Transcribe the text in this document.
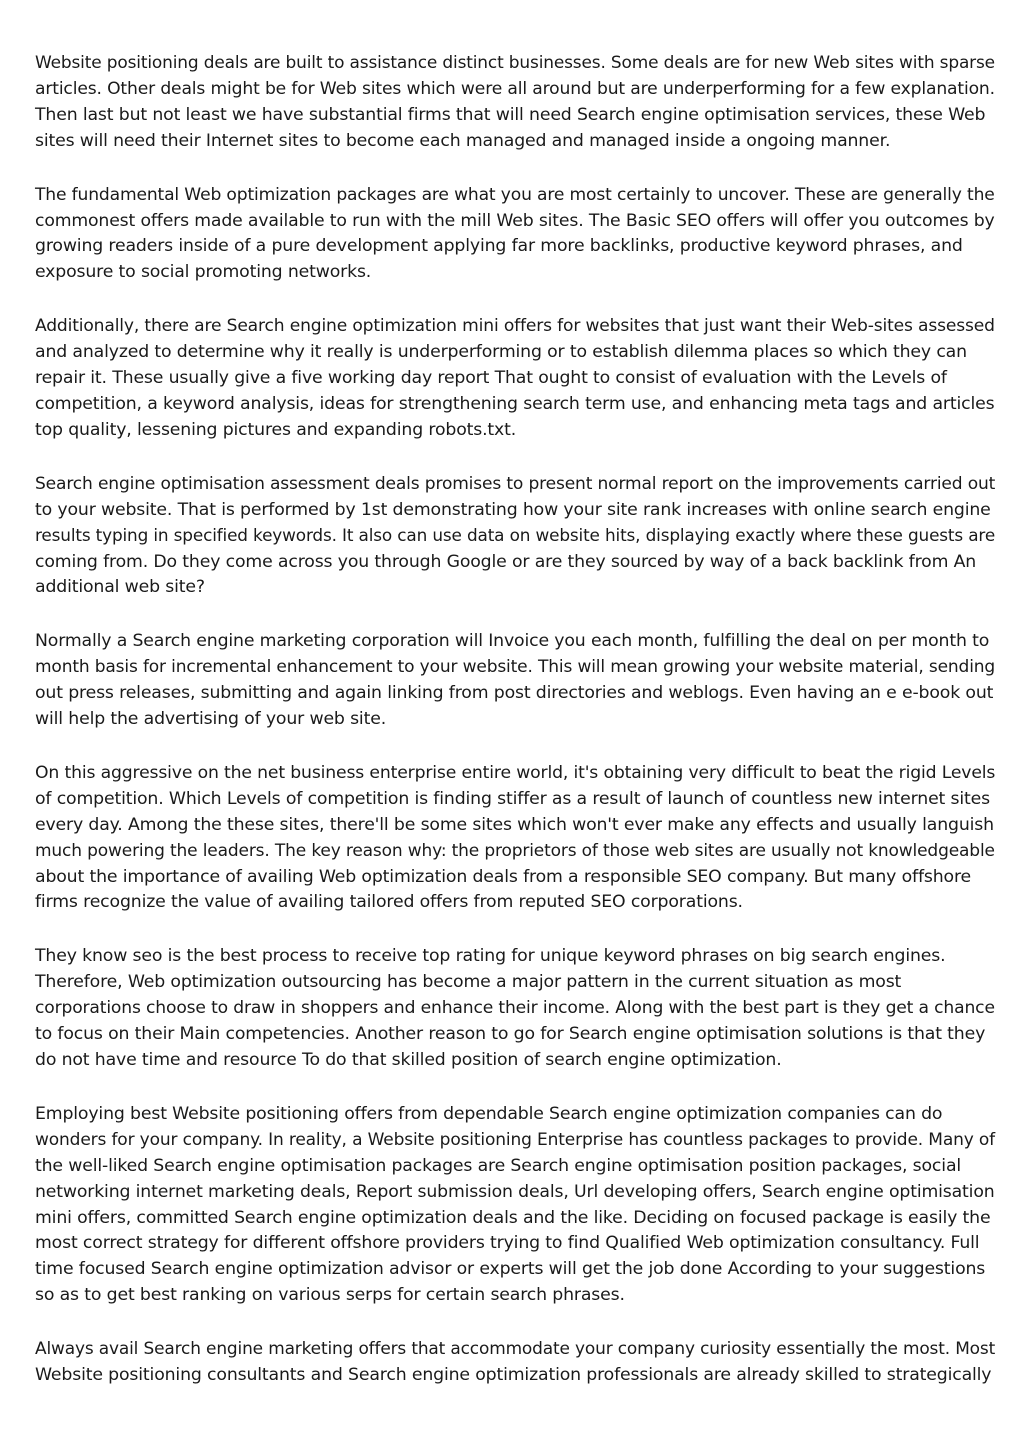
Website positioning deals are built to assistance distinct businesses. Some deals are for new Web sites with sparse
articles. Other deals might be for Web sites which were all around but are underperforming for a few explanation.
Then last but not least we have substantial firms that will need Search engine optimisation services, these Web
sites will need their Internet sites to become each managed and managed inside a ongoing manner.

The fundamental Web optimization packages are what you are most certainly to uncover. These are generally the
commonest offers made available to run with the mill Web sites. The Basic SEO offers will offer you outcomes by
growing readers inside of a pure development applying far more backlinks, productive keyword phrases, and
exposure to social promoting networks.

Additionally, there are Search engine optimization mini offers for websites that just want their Web-sites assessed
and analyzed to determine why it really is underperforming or to establish dilemma places so which they can
repair it. These usually give a five working day report That ought to consist of evaluation with the Levels of
competition, a keyword analysis, ideas for strengthening search term use, and enhancing meta tags and articles
top quality, lessening pictures and expanding robots.txt.

Search engine optimisation assessment deals promises to present normal report on the improvements carried out
to your website. That is performed by 1st demonstrating how your site rank increases with online search engine
results typing in specified keywords. It also can use data on website hits, displaying exactly where these guests are
coming from. Do they come across you through Google or are they sourced by way of a back backlink from An
additional web site?

Normally a Search engine marketing corporation will Invoice you each month, fulfilling the deal on per month to
month basis for incremental enhancement to your website. This will mean growing your website material, sending
out press releases, submitting and again linking from post directories and weblogs. Even having an e e-book out
will help the advertising of your web site.

On this aggressive on the net business enterprise entire world, it's obtaining very difficult to beat the rigid Levels
of competition. Which Levels of competition is finding stiffer as a result of launch of countless new internet sites
every day. Among the these sites, there'll be some sites which won't ever make any effects and usually languish
much powering the leaders. The key reason why: the proprietors of those web sites are usually not knowledgeable
about the importance of availing Web optimization deals from a responsible SEO company. But many offshore
firms recognize the value of availing tailored offers from reputed SEO corporations.

They know seo is the best process to receive top rating for unique keyword phrases on big search engines.
Therefore, Web optimization outsourcing has become a major pattern in the current situation as most
corporations choose to draw in shoppers and enhance their income. Along with the best part is they get a chance
to focus on their Main competencies. Another reason to go for Search engine optimisation solutions is that they
do not have time and resource To do that skilled position of search engine optimization.

Employing best Website positioning offers from dependable Search engine optimization companies can do
wonders for your company. In reality, a Website positioning Enterprise has countless packages to provide. Many of
the well-liked Search engine optimisation packages are Search engine optimisation position packages, social
networking internet marketing deals, Report submission deals, Url developing offers, Search engine optimisation
mini offers, committed Search engine optimization deals and the like. Deciding on focused package is easily the
most correct strategy for different offshore providers trying to find Qualified Web optimization consultancy. Full
time focused Search engine optimization advisor or experts will get the job done According to your suggestions
so as to get best ranking on various serps for certain search phrases.

Always avail Search engine marketing offers that accommodate your company curiosity essentially the most. Most
Website positioning consultants and Search engine optimization professionals are already skilled to strategically
